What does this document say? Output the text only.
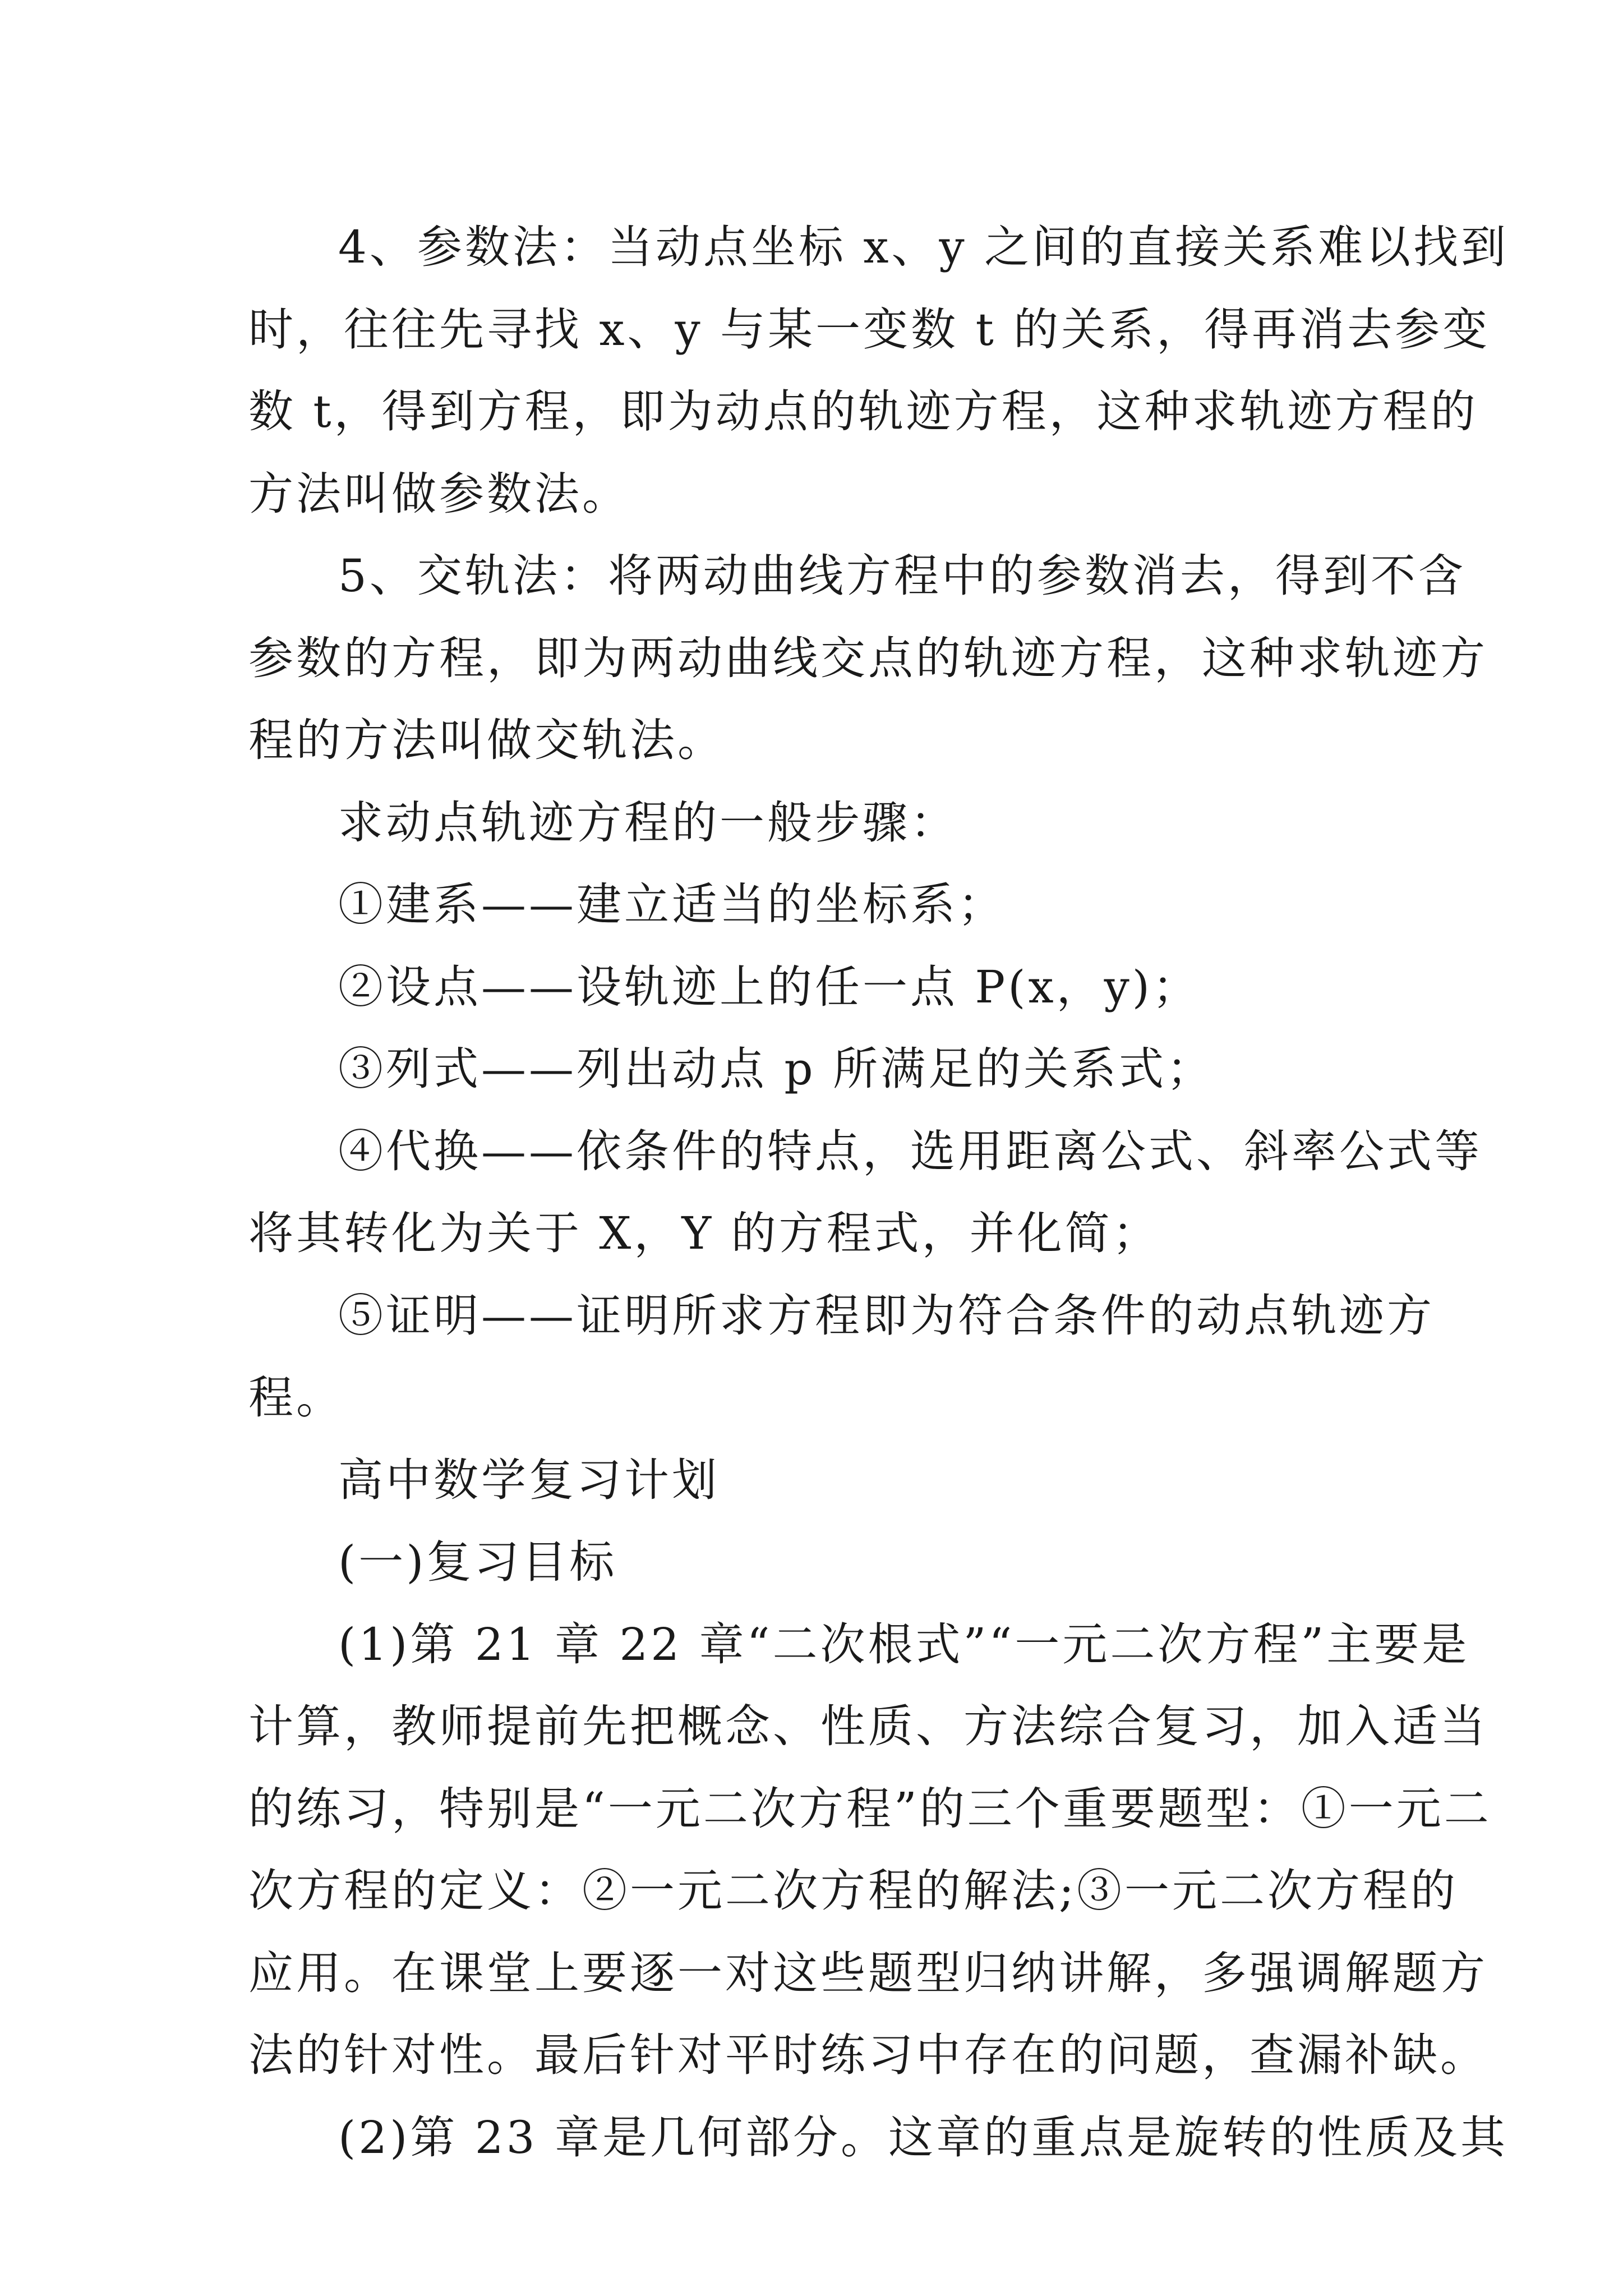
4、参数法：当动点坐标 x、y 之间的直接关系难以找到
时，往往先寻找 x、y 与某一变数 t 的关系，得再消去参变
数 t，得到方程，即为动点的轨迹方程，这种求轨迹方程的
方法叫做参数法。
5、交轨法：将两动曲线方程中的参数消去，得到不含
参数的方程，即为两动曲线交点的轨迹方程，这种求轨迹方
程的方法叫做交轨法。
求动点轨迹方程的一般步骤：
①建系——建立适当的坐标系；
②设点——设轨迹上的任一点 P(x，y)；
③列式——列出动点 p 所满足的关系式；
④代换——依条件的特点，选用距离公式、斜率公式等
将其转化为关于 X，Y 的方程式，并化简；
⑤证明——证明所求方程即为符合条件的动点轨迹方
程。
高中数学复习计划
(一)复习目标
(1)第 21 章 22 章“二次根式”“一元二次方程”主要是
计算，教师提前先把概念、性质、方法综合复习，加入适当
的练习，特别是“一元二次方程”的三个重要题型：①一元二
次方程的定义：②一元二次方程的解法;③一元二次方程的
应用。在课堂上要逐一对这些题型归纳讲解，多强调解题方
法的针对性。最后针对平时练习中存在的问题，查漏补缺。
(2)第 23 章是几何部分。这章的重点是旋转的性质及其
